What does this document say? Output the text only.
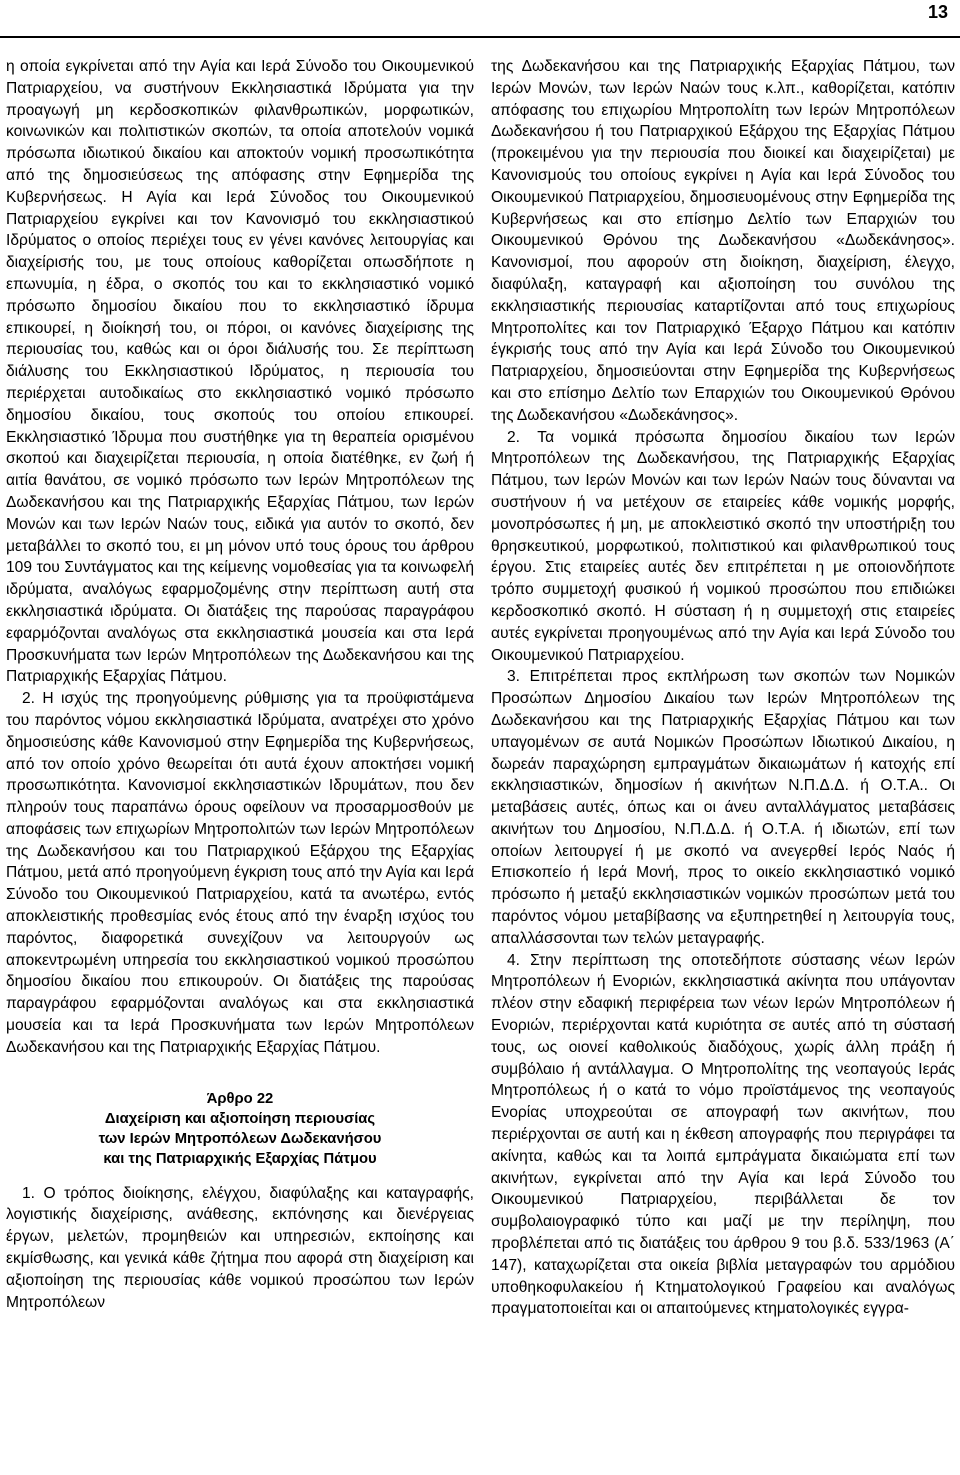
13

η οποία εγκρίνεται από την Αγία και Ιερά Σύνοδο του Οικουμενικού Πατριαρχείου, να συστήνουν Εκκλησιαστικά Ιδρύματα για την προαγωγή μη κερδοσκοπικών φιλανθρωπικών, μορφωτικών, κοινωνικών και πολιτιστικών σκοπών, τα οποία αποτελούν νομικά πρόσωπα ιδιωτικού δικαίου και αποκτούν νομική προσωπικότητα από της δημοσιεύσεως της απόφασης στην Εφημερίδα της Κυβερνήσεως. Η Αγία και Ιερά Σύνοδος του Οικουμενικού Πατριαρχείου εγκρίνει και τον Κανονισμό του εκκλησιαστικού Ιδρύματος ο οποίος περιέχει τους εν γένει κανόνες λειτουργίας και διαχείρισής του, με τους οποίους καθορίζεται οπωσδήποτε η επωνυμία, η έδρα, ο σκοπός του και το εκκλησιαστικό νομικό πρόσωπο δημοσίου δικαίου που το εκκλησιαστικό ίδρυμα επικουρεί, η διοίκησή του, οι πόροι, οι κανόνες διαχείρισης της περιουσίας του, καθώς και οι όροι διάλυσής του. Σε περίπτωση διάλυσης του Εκκλησιαστικού Ιδρύματος, η περιουσία του περιέρχεται αυτοδικαίως στο εκκλησιαστικό νομικό πρόσωπο δημοσίου δικαίου, τους σκοπούς του οποίου επικουρεί. Εκκλησιαστικό Ίδρυμα που συστήθηκε για τη θεραπεία ορισμένου σκοπού και διαχειρίζεται περιουσία, η οποία διατέθηκε, εν ζωή ή αιτία θανάτου, σε νομικό πρόσωπο των Ιερών Μητροπόλεων της Δωδεκανήσου και της Πατριαρχικής Εξαρχίας Πάτμου, των Ιερών Μονών και των Ιερών Ναών τους, ειδικά για αυτόν το σκοπό, δεν μεταβάλλει το σκοπό του, ει μη μόνον υπό τους όρους του άρθρου 109 του Συντάγματος και της κείμενης νομοθεσίας για τα κοινωφελή ιδρύματα, αναλόγως εφαρμοζομένης στην περίπτωση αυτή στα εκκλησιαστικά ιδρύματα. Οι διατάξεις της παρούσας παραγράφου εφαρμόζονται αναλόγως στα εκκλησιαστικά μουσεία και στα Ιερά Προσκυνήματα των Ιερών Μητροπόλεων της Δωδεκανήσου και της Πατριαρχικής Εξαρχίας Πάτμου.

2. Η ισχύς της προηγούμενης ρύθμισης για τα προϋφιστάμενα του παρόντος νόμου εκκλησιαστικά Ιδρύματα, ανατρέχει στο χρόνο δημοσιεύσης κάθε Κανονισμού στην Εφημερίδα της Κυβερνήσεως, από τον οποίο χρόνο θεωρείται ότι αυτά έχουν αποκτήσει νομική προσωπικότητα. Κανονισμοί εκκλησιαστικών Ιδρυμάτων, που δεν πληρούν τους παραπάνω όρους οφείλουν να προσαρμοσθούν με αποφάσεις των επιχωρίων Μητροπολιτών των Ιερών Μητροπόλεων της Δωδεκανήσου και του Πατριαρχικού Εξάρχου της Εξαρχίας Πάτμου, μετά από προηγούμενη έγκριση τους από την Αγία και Ιερά Σύνοδο του Οικουμενικού Πατριαρχείου, κατά τα ανωτέρω, εντός αποκλειστικής προθεσμίας ενός έτους από την έναρξη ισχύος του παρόντος, διαφορετικά συνεχίζουν να λειτουργούν ως αποκεντρωμένη υπηρεσία του εκκλησιαστικού νομικού προσώπου δημοσίου δικαίου που επικουρούν. Οι διατάξεις της παρούσας παραγράφου εφαρμόζονται αναλόγως και στα εκκλησιαστικά μουσεία και τα Ιερά Προσκυνήματα των Ιερών Μητροπόλεων Δωδεκανήσου και της Πατριαρχικής Εξαρχίας Πάτμου.

Άρθρο 22
Διαχείριση και αξιοποίηση περιουσίας
των Ιερών Μητροπόλεων Δωδεκανήσου
και της Πατριαρχικής Εξαρχίας Πάτμου

1. Ο τρόπος διοίκησης, ελέγχου, διαφύλαξης και καταγραφής, λογιστικής διαχείρισης, ανάθεσης, εκπόνησης και διενέργειας έργων, μελετών, προμηθειών και υπηρεσιών, εκποίησης και εκμίσθωσης, και γενικά κάθε ζήτημα που αφορά στη διαχείριση και αξιοποίηση της περιουσίας κάθε νομικού προσώπου των Ιερών Μητροπόλεων

της Δωδεκανήσου και της Πατριαρχικής Εξαρχίας Πάτμου, των Ιερών Μονών, των Ιερών Ναών τους κ.λπ., καθορίζεται, κατόπιν απόφασης του επιχωρίου Μητροπολίτη των Ιερών Μητροπόλεων Δωδεκανήσου ή του Πατριαρχικού Εξάρχου της Εξαρχίας Πάτμου (προκειμένου για την περιουσία που διοικεί και διαχειρίζεται) με Κανονισμούς του οποίους εγκρίνει η Αγία και Ιερά Σύνοδος του Οικουμενικού Πατριαρχείου, δημοσιευομένους στην Εφημερίδα της Κυβερνήσεως και στο επίσημο Δελτίο των Επαρχιών του Οικουμενικού Θρόνου της Δωδεκανήσου «Δωδεκάνησος». Κανονισμοί, που αφορούν στη διοίκηση, διαχείριση, έλεγχο, διαφύλαξη, καταγραφή και αξιοποίηση του συνόλου της εκκλησιαστικής περιουσίας καταρτίζονται από τους επιχωρίους Μητροπολίτες και τον Πατριαρχικό Έξαρχο Πάτμου και κατόπιν έγκρισής τους από την Αγία και Ιερά Σύνοδο του Οικουμενικού Πατριαρχείου, δημοσιεύονται στην Εφημερίδα της Κυβερνήσεως και στο επίσημο Δελτίο των Επαρχιών του Οικουμενικού Θρόνου της Δωδεκανήσου «Δωδεκάνησος».

2. Τα νομικά πρόσωπα δημοσίου δικαίου των Ιερών Μητροπόλεων της Δωδεκανήσου, της Πατριαρχικής Εξαρχίας Πάτμου, των Ιερών Μονών και των Ιερών Ναών τους δύνανται να συστήνουν ή να μετέχουν σε εταιρείες κάθε νομικής μορφής, μονοπρόσωπες ή μη, με αποκλειστικό σκοπό την υποστήριξη του θρησκευτικού, μορφωτικού, πολιτιστικού και φιλανθρωπικού τους έργου. Στις εταιρείες αυτές δεν επιτρέπεται η με οποιονδήποτε τρόπο συμμετοχή φυσικού ή νομικού προσώπου που επιδιώκει κερδοσκοπικό σκοπό. Η σύσταση ή η συμμετοχή στις εταιρείες αυτές εγκρίνεται προηγουμένως από την Αγία και Ιερά Σύνοδο του Οικουμενικού Πατριαρχείου.

3. Επιτρέπεται προς εκπλήρωση των σκοπών των Νομικών Προσώπων Δημοσίου Δικαίου των Ιερών Μητροπόλεων της Δωδεκανήσου και της Πατριαρχικής Εξαρχίας Πάτμου και των υπαγομένων σε αυτά Νομικών Προσώπων Ιδιωτικού Δικαίου, η δωρεάν παραχώρηση εμπραγμάτων δικαιωμάτων ή κατοχής επί εκκλησιαστικών, δημοσίων ή ακινήτων Ν.Π.Δ.Δ. ή Ο.Τ.Α.. Οι μεταβάσεις αυτές, όπως και οι άνευ ανταλλάγματος μεταβάσεις ακινήτων του Δημοσίου, Ν.Π.Δ.Δ. ή Ο.Τ.Α. ή ιδιωτών, επί των οποίων λειτουργεί ή με σκοπό να ανεγερθεί Ιερός Ναός ή Επισκοπείο ή Ιερά Μονή, προς το οικείο εκκλησιαστικό νομικό πρόσωπο ή μεταξύ εκκλησιαστικών νομικών προσώπων μετά του παρόντος νόμου μεταβίβασης να εξυπηρετηθεί η λειτουργία τους, απαλλάσσονται των τελών μεταγραφής.

4. Στην περίπτωση της οποτεδήποτε σύστασης νέων Ιερών Μητροπόλεων ή Ενοριών, εκκλησιαστικά ακίνητα που υπάγονταν πλέον στην εδαφική περιφέρεια των νέων Ιερών Μητροπόλεων ή Ενοριών, περιέρχονται κατά κυριότητα σε αυτές από τη σύστασή τους, ως οιονεί καθολικούς διαδόχους, χωρίς άλλη πράξη ή συμβόλαιο ή αντάλλαγμα. Ο Μητροπολίτης της νεοπαγούς Ιεράς Μητροπόλεως ή ο κατά το νόμο προϊστάμενος της νεοπαγούς Ενορίας υποχρεούται σε απογραφή των ακινήτων, που περιέρχονται σε αυτή και η έκθεση απογραφής που περιγράφει τα ακίνητα, καθώς και τα λοιπά εμπράγματα δικαιώματα επί των ακινήτων, εγκρίνεται από την Αγία και Ιερά Σύνοδο του Οικουμενικού Πατριαρχείου, περιβάλλεται δε τον συμβολαιογραφικό τύπο και μαζί με την περίληψη, που προβλέπεται από τις διατάξεις του άρθρου 9 του β.δ. 533/1963 (Α΄ 147), καταχωρίζεται στα οικεία βιβλία μεταγραφών του αρμόδιου υποθηκοφυλακείου ή Κτηματολογικού Γραφείου και αναλόγως πραγματοποιείται και οι απαιτούμενες κτηματολογικές εγγρα-
